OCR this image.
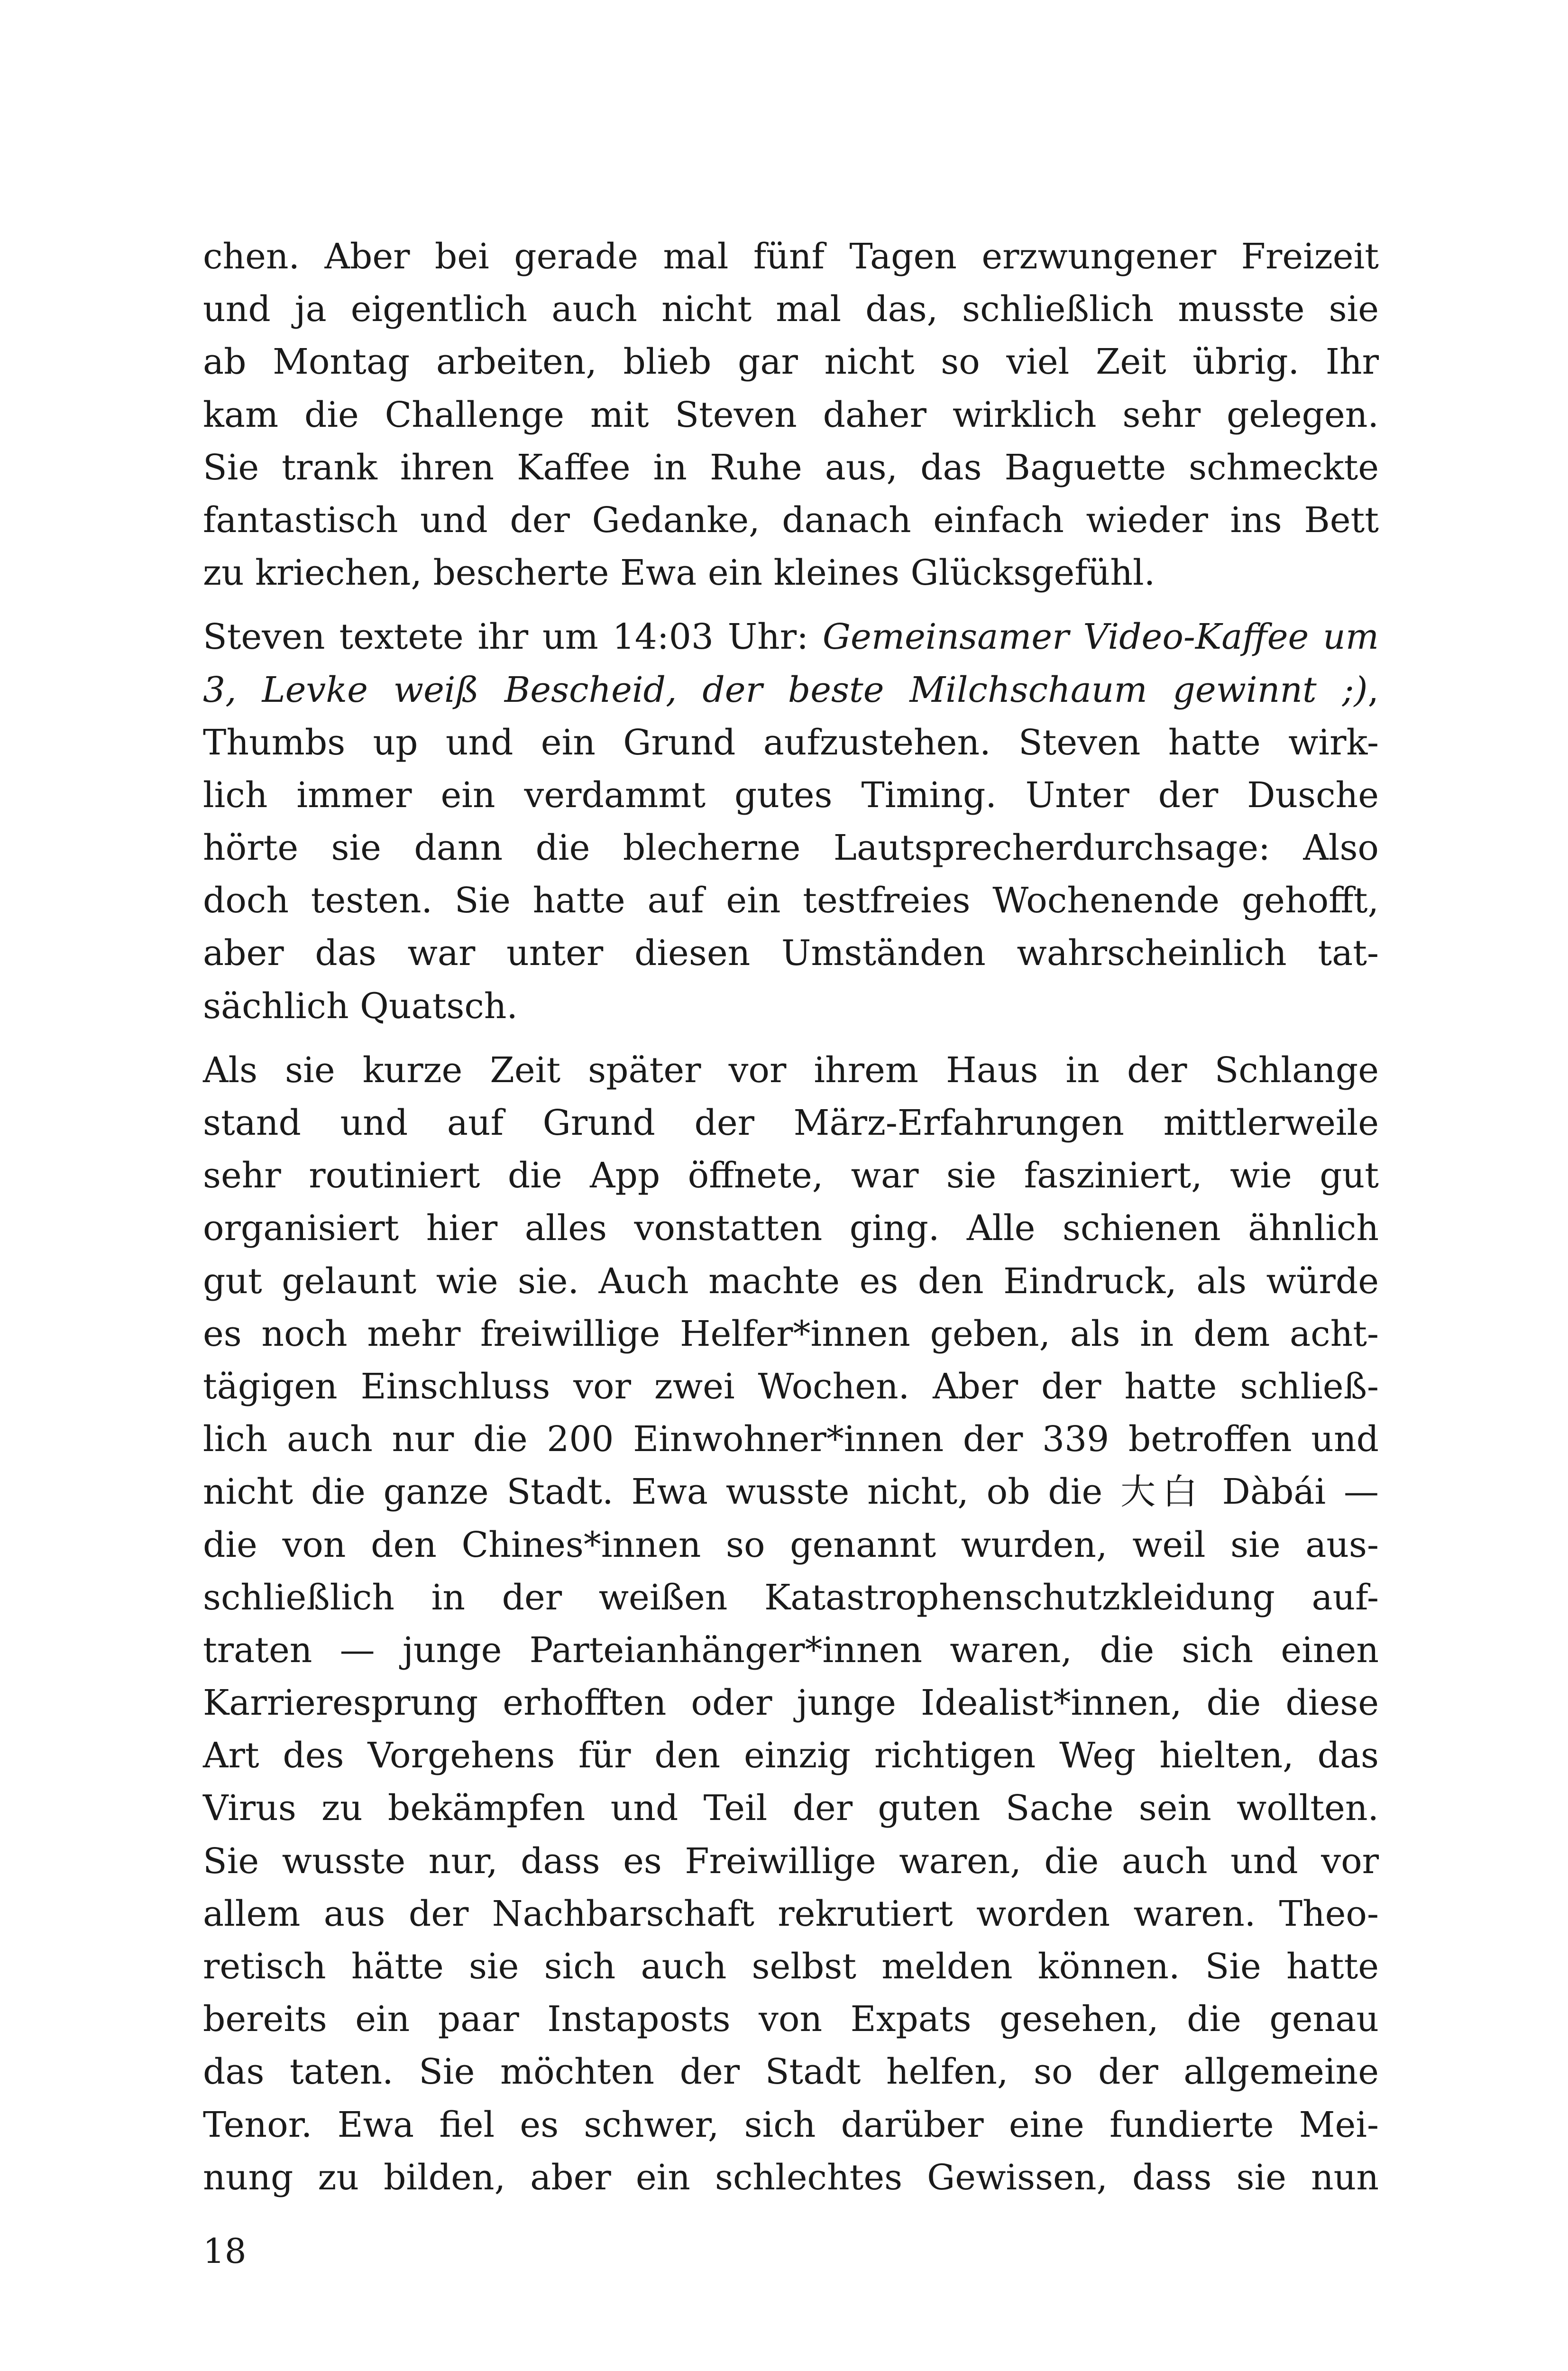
chen. Aber bei gerade mal fünf Tagen erzwungener Freizeit
und ja eigentlich auch nicht mal das, schließlich musste sie
ab Montag arbeiten, blieb gar nicht so viel Zeit übrig. Ihr
kam die Challenge mit Steven daher wirklich sehr gelegen.
Sie trank ihren Kaffee in Ruhe aus, das Baguette schmeckte
fantastisch und der Gedanke, danach einfach wieder ins Bett
zu kriechen, bescherte Ewa ein kleines Glücksgefühl.
Steven textete ihr um 14:03 Uhr: Gemeinsamer Video-Kaffee um
3, Levke weiß Bescheid, der beste Milchschaum gewinnt ;),
Thumbs up und ein Grund aufzustehen. Steven hatte wirk-
lich immer ein verdammt gutes Timing. Unter der Dusche
hörte sie dann die blecherne Lautsprecherdurchsage: Also
doch testen. Sie hatte auf ein testfreies Wochenende gehofft,
aber das war unter diesen Umständen wahrscheinlich tat-
sächlich Quatsch.
Als sie kurze Zeit später vor ihrem Haus in der Schlange
stand und auf Grund der März-Erfahrungen mittlerweile
sehr routiniert die App öffnete, war sie fasziniert, wie gut
organisiert hier alles vonstatten ging. Alle schienen ähnlich
gut gelaunt wie sie. Auch machte es den Eindruck, als würde
es noch mehr freiwillige Helfer*innen geben, als in dem acht-
tägigen Einschluss vor zwei Wochen. Aber der hatte schließ-
lich auch nur die 200 Einwohner*innen der 339 betroffen und
nicht die ganze Stadt. Ewa wusste nicht, ob die 大白 Dàbái —
die von den Chines*innen so genannt wurden, weil sie aus-
schließlich in der weißen Katastrophenschutzkleidung auf-
traten — junge Parteianhänger*innen waren, die sich einen
Karrieresprung erhofften oder junge Idealist*innen, die diese
Art des Vorgehens für den einzig richtigen Weg hielten, das
Virus zu bekämpfen und Teil der guten Sache sein wollten.
Sie wusste nur, dass es Freiwillige waren, die auch und vor
allem aus der Nachbarschaft rekrutiert worden waren. Theo-
retisch hätte sie sich auch selbst melden können. Sie hatte
bereits ein paar Instaposts von Expats gesehen, die genau
das taten. Sie möchten der Stadt helfen, so der allgemeine
Tenor. Ewa fiel es schwer, sich darüber eine fundierte Mei-
nung zu bilden, aber ein schlechtes Gewissen, dass sie nun
18
